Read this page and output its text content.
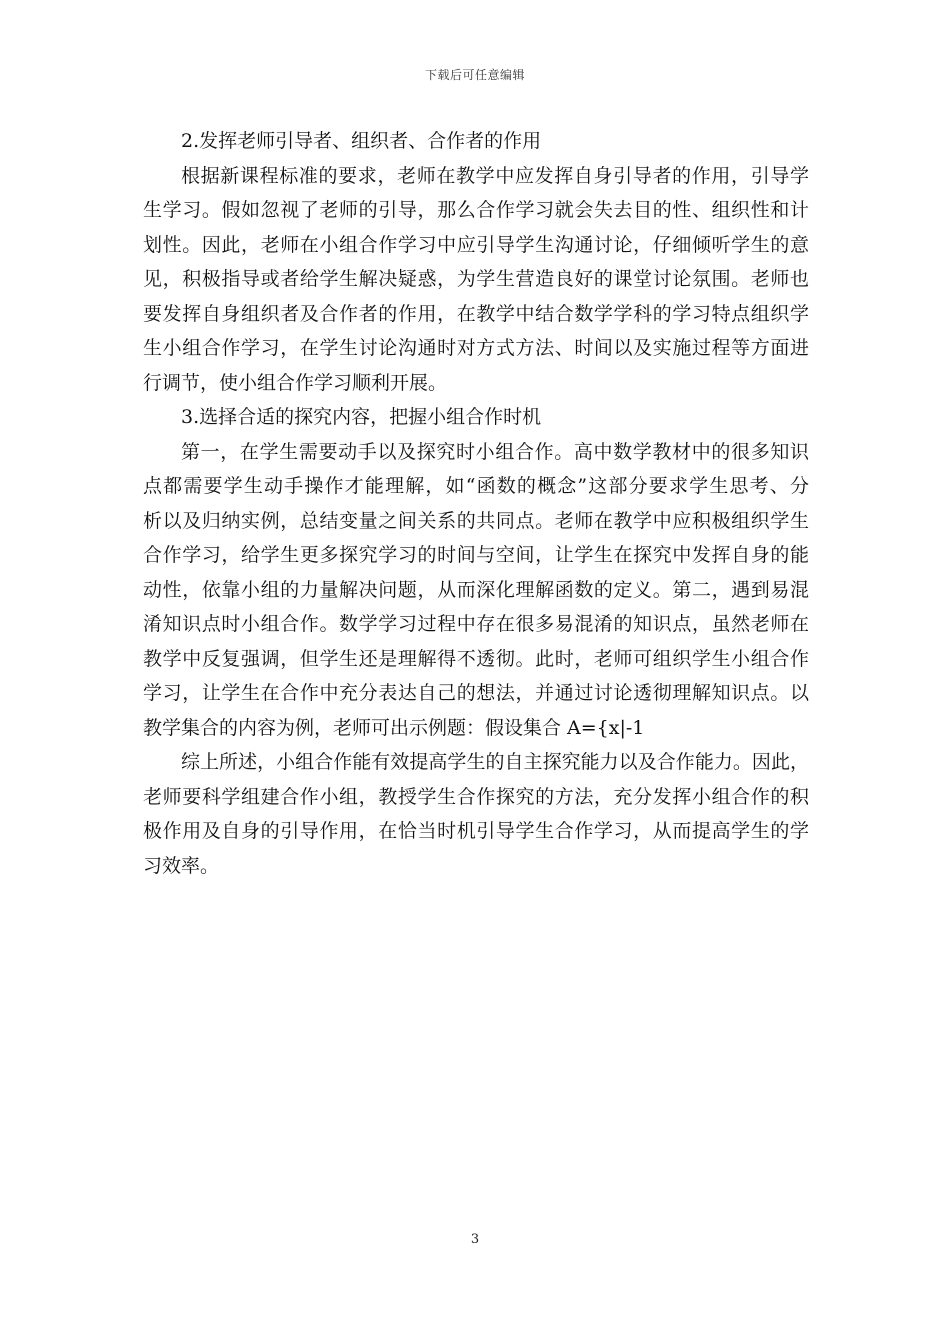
下载后可任意编辑
2.发挥老师引导者、组织者、合作者的作用
根据新课程标准的要求，老师在教学中应发挥自身引导者的作用，引导学
生学习。假如忽视了老师的引导，那么合作学习就会失去目的性、组织性和计
划性。因此，老师在小组合作学习中应引导学生沟通讨论，仔细倾听学生的意
见，积极指导或者给学生解决疑惑，为学生营造良好的课堂讨论氛围。老师也
要发挥自身组织者及合作者的作用，在教学中结合数学学科的学习特点组织学
生小组合作学习，在学生讨论沟通时对方式方法、时间以及实施过程等方面进
行调节，使小组合作学习顺利开展。
3.选择合适的探究内容，把握小组合作时机
第一，在学生需要动手以及探究时小组合作。高中数学教材中的很多知识
点都需要学生动手操作才能理解，如“函数的概念”这部分要求学生思考、分
析以及归纳实例，总结变量之间关系的共同点。老师在教学中应积极组织学生
合作学习，给学生更多探究学习的时间与空间，让学生在探究中发挥自身的能
动性，依靠小组的力量解决问题，从而深化理解函数的定义。第二，遇到易混
淆知识点时小组合作。数学学习过程中存在很多易混淆的知识点，虽然老师在
教学中反复强调，但学生还是理解得不透彻。此时，老师可组织学生小组合作
学习，让学生在合作中充分表达自己的想法，并通过讨论透彻理解知识点。以
教学集合的内容为例，老师可出示例题：假设集合 A={x|-1
综上所述，小组合作能有效提高学生的自主探究能力以及合作能力。因此，
老师要科学组建合作小组，教授学生合作探究的方法，充分发挥小组合作的积
极作用及自身的引导作用，在恰当时机引导学生合作学习，从而提高学生的学
习效率。
3
